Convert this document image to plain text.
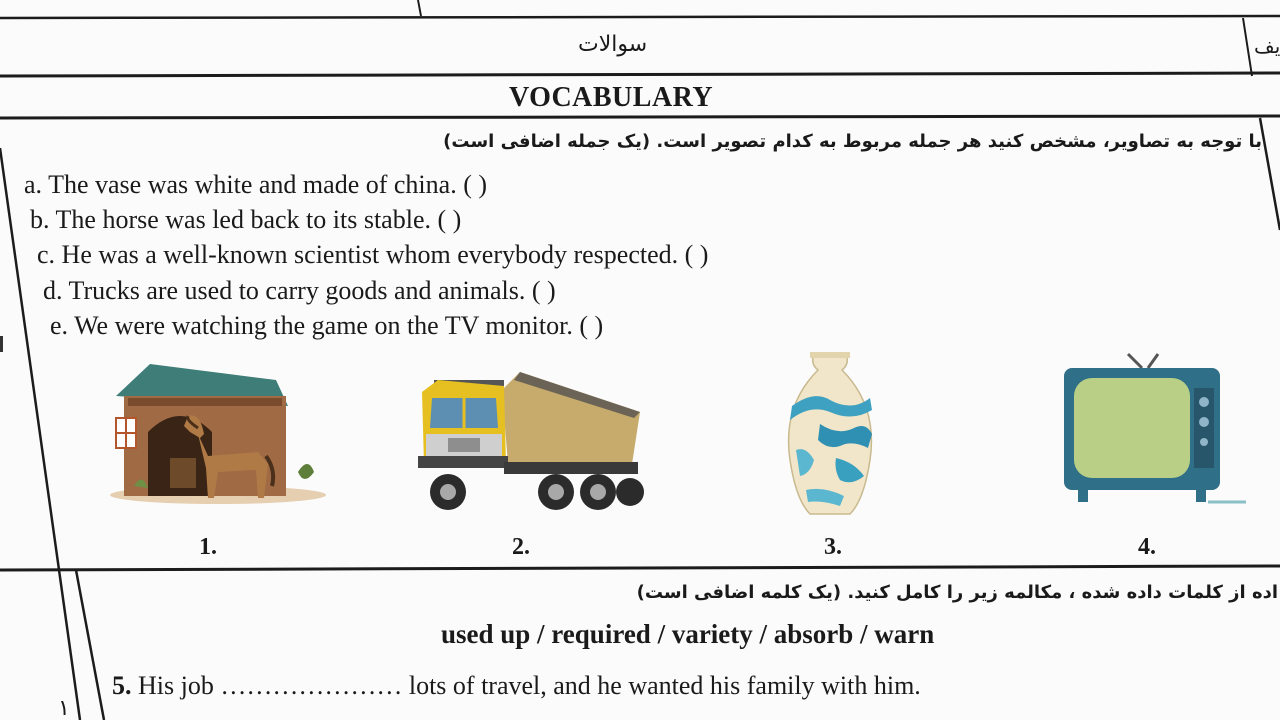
سوالات	یف
VOCABULARY
با توجه به تصاویر، مشخص کنید هر جمله مربوط به کدام تصویر است. (یک جمله اضافی است)
a. The vase was white and made of china. ( )
b. The horse was led back to its stable. ( )
c. He was a well-known scientist whom everybody respected. ( )
d. Trucks are used to carry goods and animals. ( )
e. We were watching the game on the TV monitor. ( )
1.	2.	3.	4.
اده از کلمات داده شده ، مکالمه زیر را کامل کنید. (یک کلمه اضافی است)
used up / required / variety / absorb / warn
5. His job ………………… lots of travel, and he wanted his family with him.
۱
